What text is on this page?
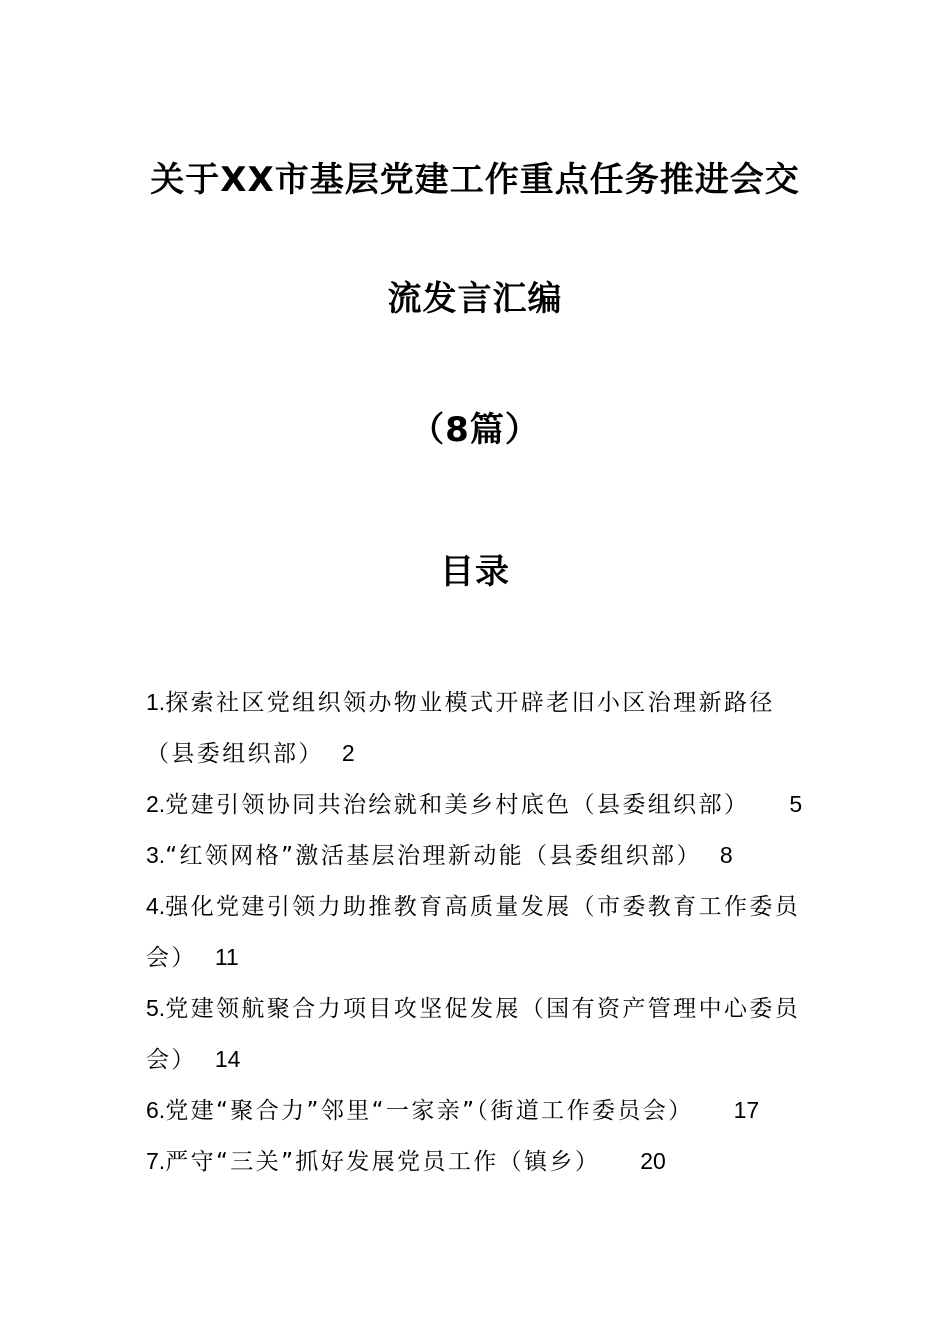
关于XX市基层党建工作重点任务推进会交
流发言汇编
（8篇）
目录
1.探索社区党组织领办物业模式开辟老旧小区治理新路径（县委组织部） 2
2.党建引领协同共治绘就和美乡村底色（县委组织部） 5
3.“红领网格”激活基层治理新动能（县委组织部） 8
4.强化党建引领力助推教育高质量发展（市委教育工作委员会） 11
5.党建领航聚合力项目攻坚促发展（国有资产管理中心委员会） 14
6.党建“聚合力”邻里“一家亲”（街道工作委员会） 17
7.严守“三关”抓好发展党员工作（镇乡） 20
